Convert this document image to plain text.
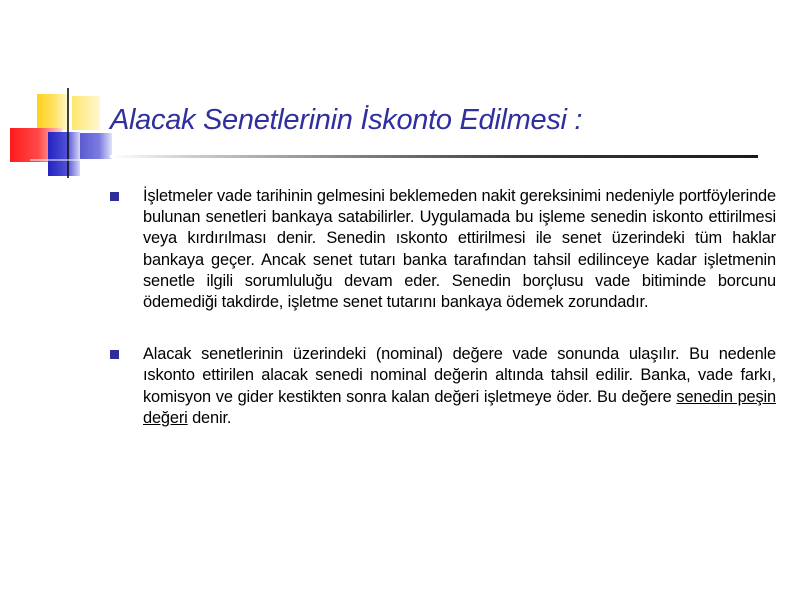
Alacak Senetlerinin İskonto Edilmesi :
İşletmeler vade tarihinin gelmesini beklemeden nakit gereksinimi nedeniyle portföylerinde bulunan senetleri bankaya satabilirler. Uygulamada bu işleme senedin iskonto ettirilmesi veya kırdırılması denir. Senedin ıskonto ettirilmesi ile senet üzerindeki tüm haklar bankaya geçer. Ancak senet tutarı banka tarafından tahsil edilinceye kadar işletmenin senetle ilgili sorumluluğu devam eder. Senedin borçlusu vade bitiminde borcunu ödemediği takdirde, işletme senet tutarını bankaya ödemek zorundadır.
Alacak senetlerinin üzerindeki (nominal) değere vade sonunda ulaşılır. Bu nedenle ıskonto ettirilen alacak senedi nominal değerin altında tahsil edilir. Banka, vade farkı, komisyon ve gider kestikten sonra kalan değeri işletmeye öder. Bu değere senedin peşin değeri denir.
